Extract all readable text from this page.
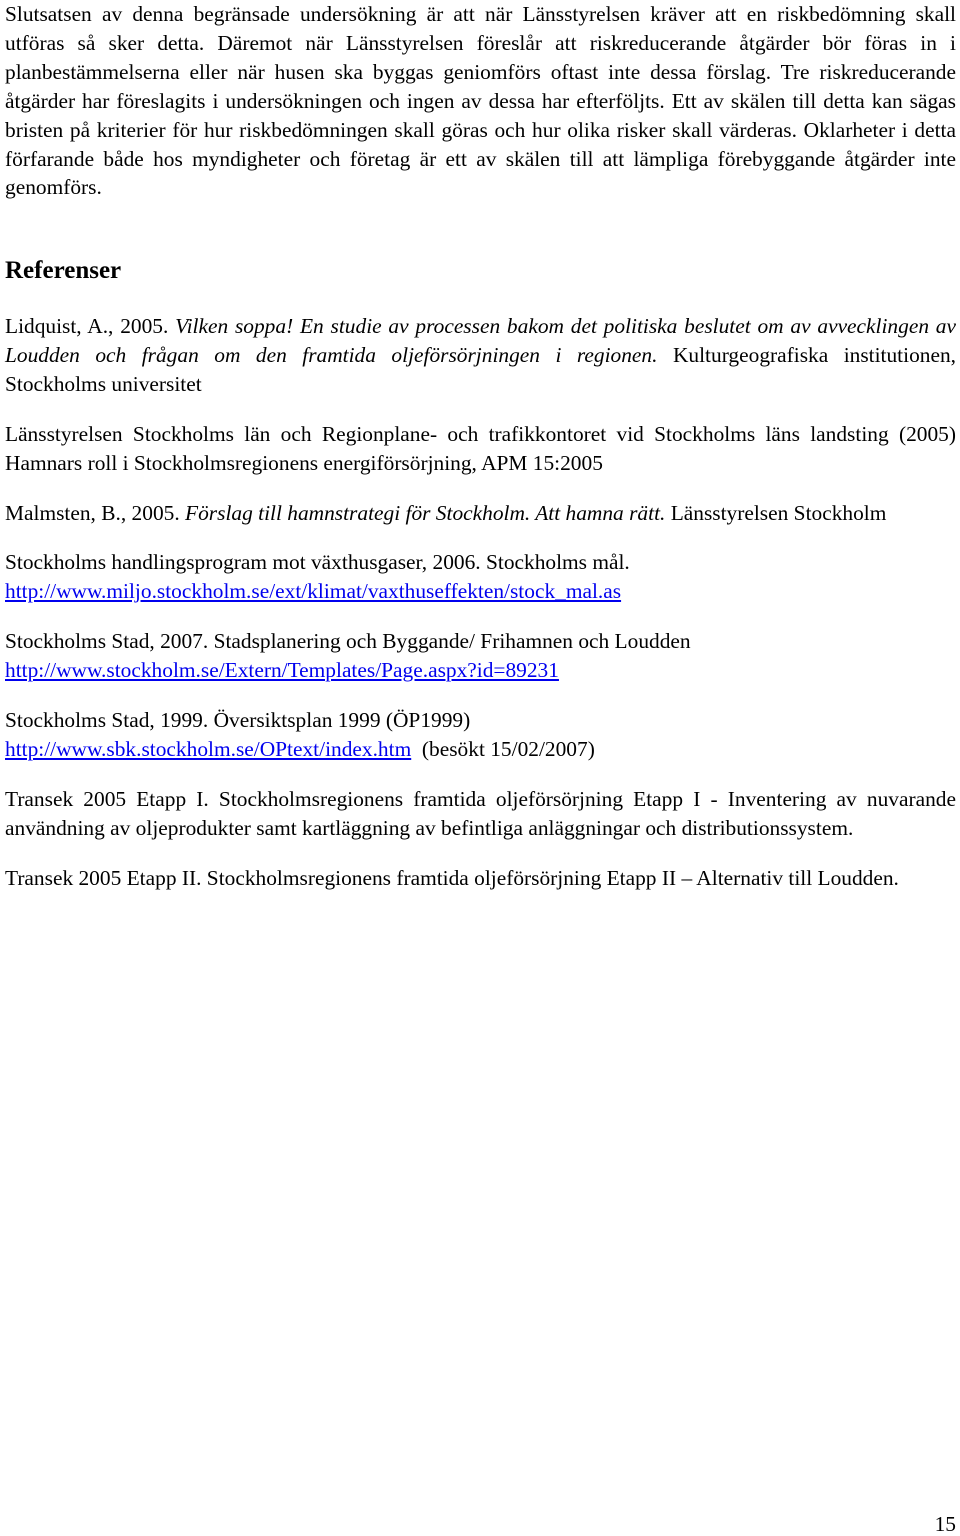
Slutsatsen av denna begränsade undersökning är att när Länsstyrelsen kräver att en riskbedömning skall utföras så sker detta. Däremot när Länsstyrelsen föreslår att riskreducerande åtgärder bör föras in i planbestämmelserna eller när husen ska byggas geniomförs oftast inte dessa förslag. Tre riskreducerande åtgärder har föreslagits i undersökningen och ingen av dessa har efterföljts. Ett av skälen till detta kan sägas bristen på kriterier för hur riskbedömningen skall göras och hur olika risker skall värderas. Oklarheter i detta förfarande både hos myndigheter och företag är ett av skälen till att lämpliga förebyggande åtgärder inte genomförs.

Referenser

Lidquist, A., 2005. Vilken soppa! En studie av processen bakom det politiska beslutet om av avvecklingen av Loudden och frågan om den framtida oljeförsörjningen i regionen. Kulturgeografiska institutionen, Stockholms universitet

Länsstyrelsen Stockholms län och Regionplane- och trafikkontoret vid Stockholms läns landsting (2005) Hamnars roll i Stockholmsregionens energiförsörjning, APM 15:2005

Malmsten, B., 2005. Förslag till hamnstrategi för Stockholm. Att hamna rätt. Länsstyrelsen Stockholm

Stockholms handlingsprogram mot växthusgaser, 2006. Stockholms mål.
http://www.miljo.stockholm.se/ext/klimat/vaxthuseffekten/stock_mal.as

Stockholms Stad, 2007. Stadsplanering och Byggande/ Frihamnen och Loudden
http://www.stockholm.se/Extern/Templates/Page.aspx?id=89231

Stockholms Stad, 1999. Översiktsplan 1999 (ÖP1999)
http://www.sbk.stockholm.se/OPtext/index.htm (besökt 15/02/2007)

Transek 2005 Etapp I. Stockholmsregionens framtida oljeförsörjning Etapp I - Inventering av nuvarande användning av oljeprodukter samt kartläggning av befintliga anläggningar och distributionssystem.

Transek 2005 Etapp II. Stockholmsregionens framtida oljeförsörjning Etapp II – Alternativ till Loudden.

15
